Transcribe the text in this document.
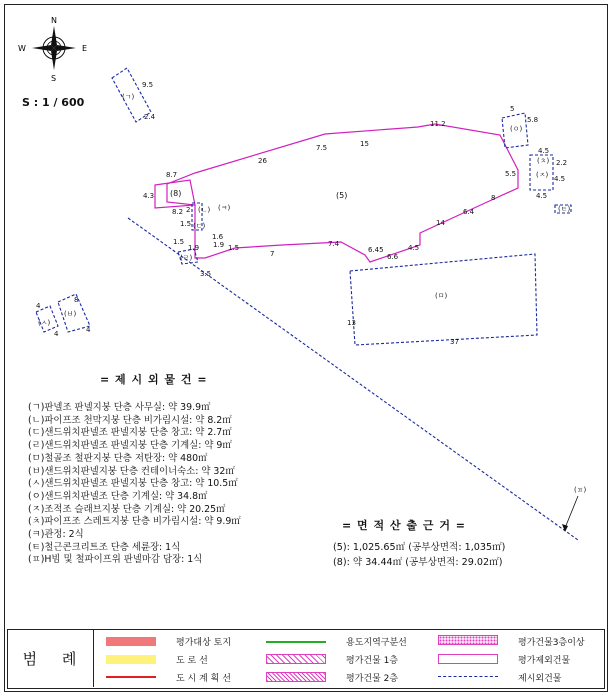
N
S
W	E
S : 1 / 600
(5)
26
7.5	15
11.2
5.5
8
6.4
14
4.5
6.6
6.45
7.4
7
1.5
1.6
(8)
8.7
4.3
8.2 2
(ㄱ)
9.5
2.4
(ㄴ)
(ㄷ)
(ㄹ)
(ㅁ)
13
37
(ㅂ)
4
8
(ㅅ)
4
4
(ㅇ)
5
5.8
(ㅈ)
4.5
2.2
4.5
4.5
(ㅊ)
(ㅋ)	(ㅌ)
(ㅍ)
1.5
1.9
1.5
1.9
3.5
= 제 시 외 물 건 =
(ㄱ)판넬조 판넬지붕 단층 사무실: 약 39.9㎡
(ㄴ)파이프조 천막지붕 단층 비가림시설: 약 8.2㎡
(ㄷ)샌드위치판넬조 판넬지붕 단층 창고: 약 2.7㎡
(ㄹ)샌드위치판넬조 판넬지붕 단층 기계실: 약 9㎡
(ㅁ)철골조 철판지붕 단층 저탄장: 약 480㎡
(ㅂ)샌드위치판넬지붕 단층 컨테이너숙소: 약 32㎡
(ㅅ)샌드위치판넬조 판넬지붕 단층 창고: 약 10.5㎡
(ㅇ)샌드위치판넬조 단층 기계실: 약 34.8㎡
(ㅈ)조적조 슬래브지붕 단층 기계실: 약 20.25㎡
(ㅊ)파이프조 스레트지붕 단층 비가림시설: 약 9.9㎡
(ㅋ)관정: 2식
(ㅌ)철근콘크리트조 단층 세륜장: 1식
(ㅍ)H빔 및 철파이프위 판넬마감 담장: 1식
= 면 적 산 출 근 거 =
(5): 1,025.65㎡ (공부상면적: 1,035㎡)
(8): 약 34.44㎡ (공부상면적: 29.02㎡)
범 례
평가대상 토지
도 로 선
도 시 계 획 선
용도지역구분선
평가건물 1층
평가건물 2층
평가건물3층이상
평가제외건물
제시외건물
